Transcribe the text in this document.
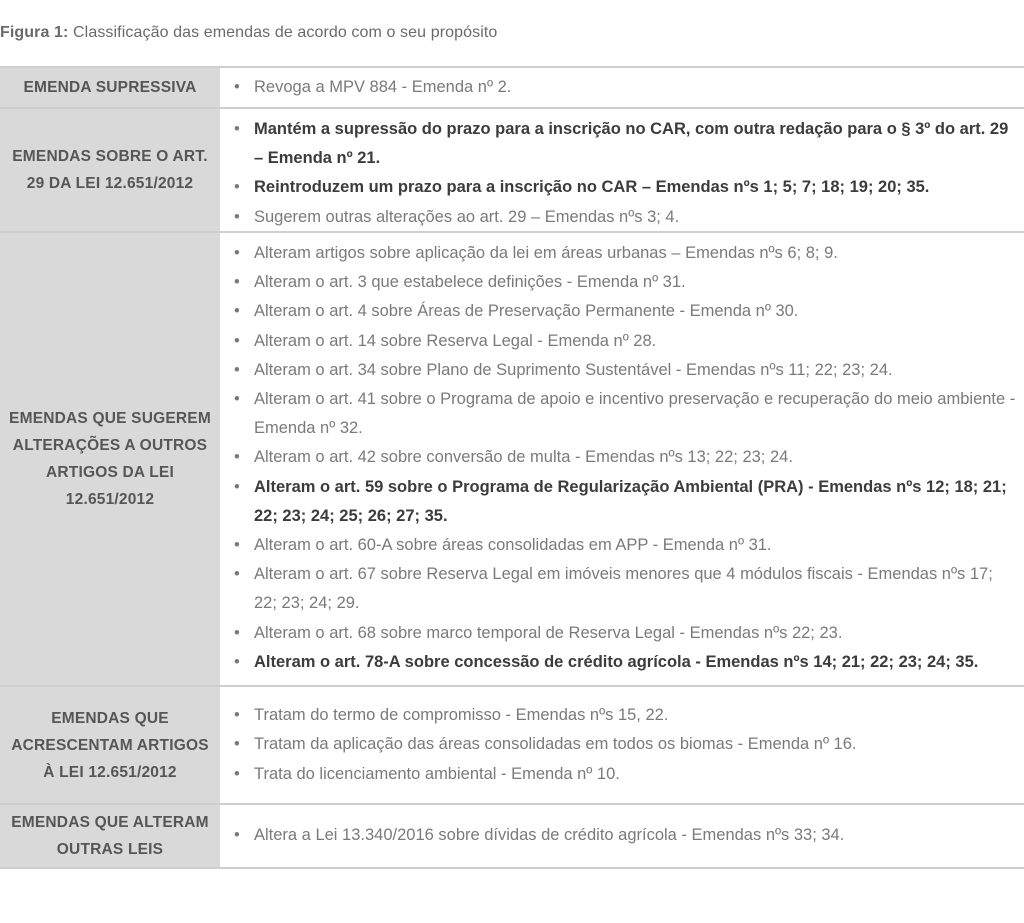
Figura 1: Classificação das emendas de acordo com o seu propósito
EMENDA SUPRESSIVA	• Revoga a MPV 884 - Emenda nº 2.
EMENDAS SOBRE O ART. 29 DA LEI 12.651/2012
• Mantém a supressão do prazo para a inscrição no CAR, com outra redação para o § 3º do art. 29 – Emenda nº 21.
• Reintroduzem um prazo para a inscrição no CAR – Emendas nºs 1; 5; 7; 18; 19; 20; 35.
• Sugerem outras alterações ao art. 29 – Emendas nºs 3; 4.
EMENDAS QUE SUGEREM ALTERAÇÕES A OUTROS ARTIGOS DA LEI 12.651/2012
• Alteram artigos sobre aplicação da lei em áreas urbanas – Emendas nºs 6; 8; 9.
• Alteram o art. 3 que estabelece definições - Emenda nº 31.
• Alteram o art. 4 sobre Áreas de Preservação Permanente - Emenda nº 30.
• Alteram o art. 14 sobre Reserva Legal - Emenda nº 28.
• Alteram o art. 34 sobre Plano de Suprimento Sustentável - Emendas nºs 11; 22; 23; 24.
• Alteram o art. 41 sobre o Programa de apoio e incentivo preservação e recuperação do meio ambiente - Emenda nº 32.
• Alteram o art. 42 sobre conversão de multa - Emendas nºs 13; 22; 23; 24.
• Alteram o art. 59 sobre o Programa de Regularização Ambiental (PRA) - Emendas nºs 12; 18; 21; 22; 23; 24; 25; 26; 27; 35.
• Alteram o art. 60-A sobre áreas consolidadas em APP - Emenda nº 31.
• Alteram o art. 67 sobre Reserva Legal em imóveis menores que 4 módulos fiscais - Emendas nºs 17; 22; 23; 24; 29.
• Alteram o art. 68 sobre marco temporal de Reserva Legal - Emendas nºs 22; 23.
• Alteram o art. 78-A sobre concessão de crédito agrícola - Emendas nºs 14; 21; 22; 23; 24; 35.
EMENDAS QUE ACRESCENTAM ARTIGOS À LEI 12.651/2012
• Tratam do termo de compromisso - Emendas nºs 15, 22.
• Tratam da aplicação das áreas consolidadas em todos os biomas - Emenda nº 16.
• Trata do licenciamento ambiental - Emenda nº 10.
EMENDAS QUE ALTERAM OUTRAS LEIS
• Altera a Lei 13.340/2016 sobre dívidas de crédito agrícola - Emendas nºs 33; 34.
